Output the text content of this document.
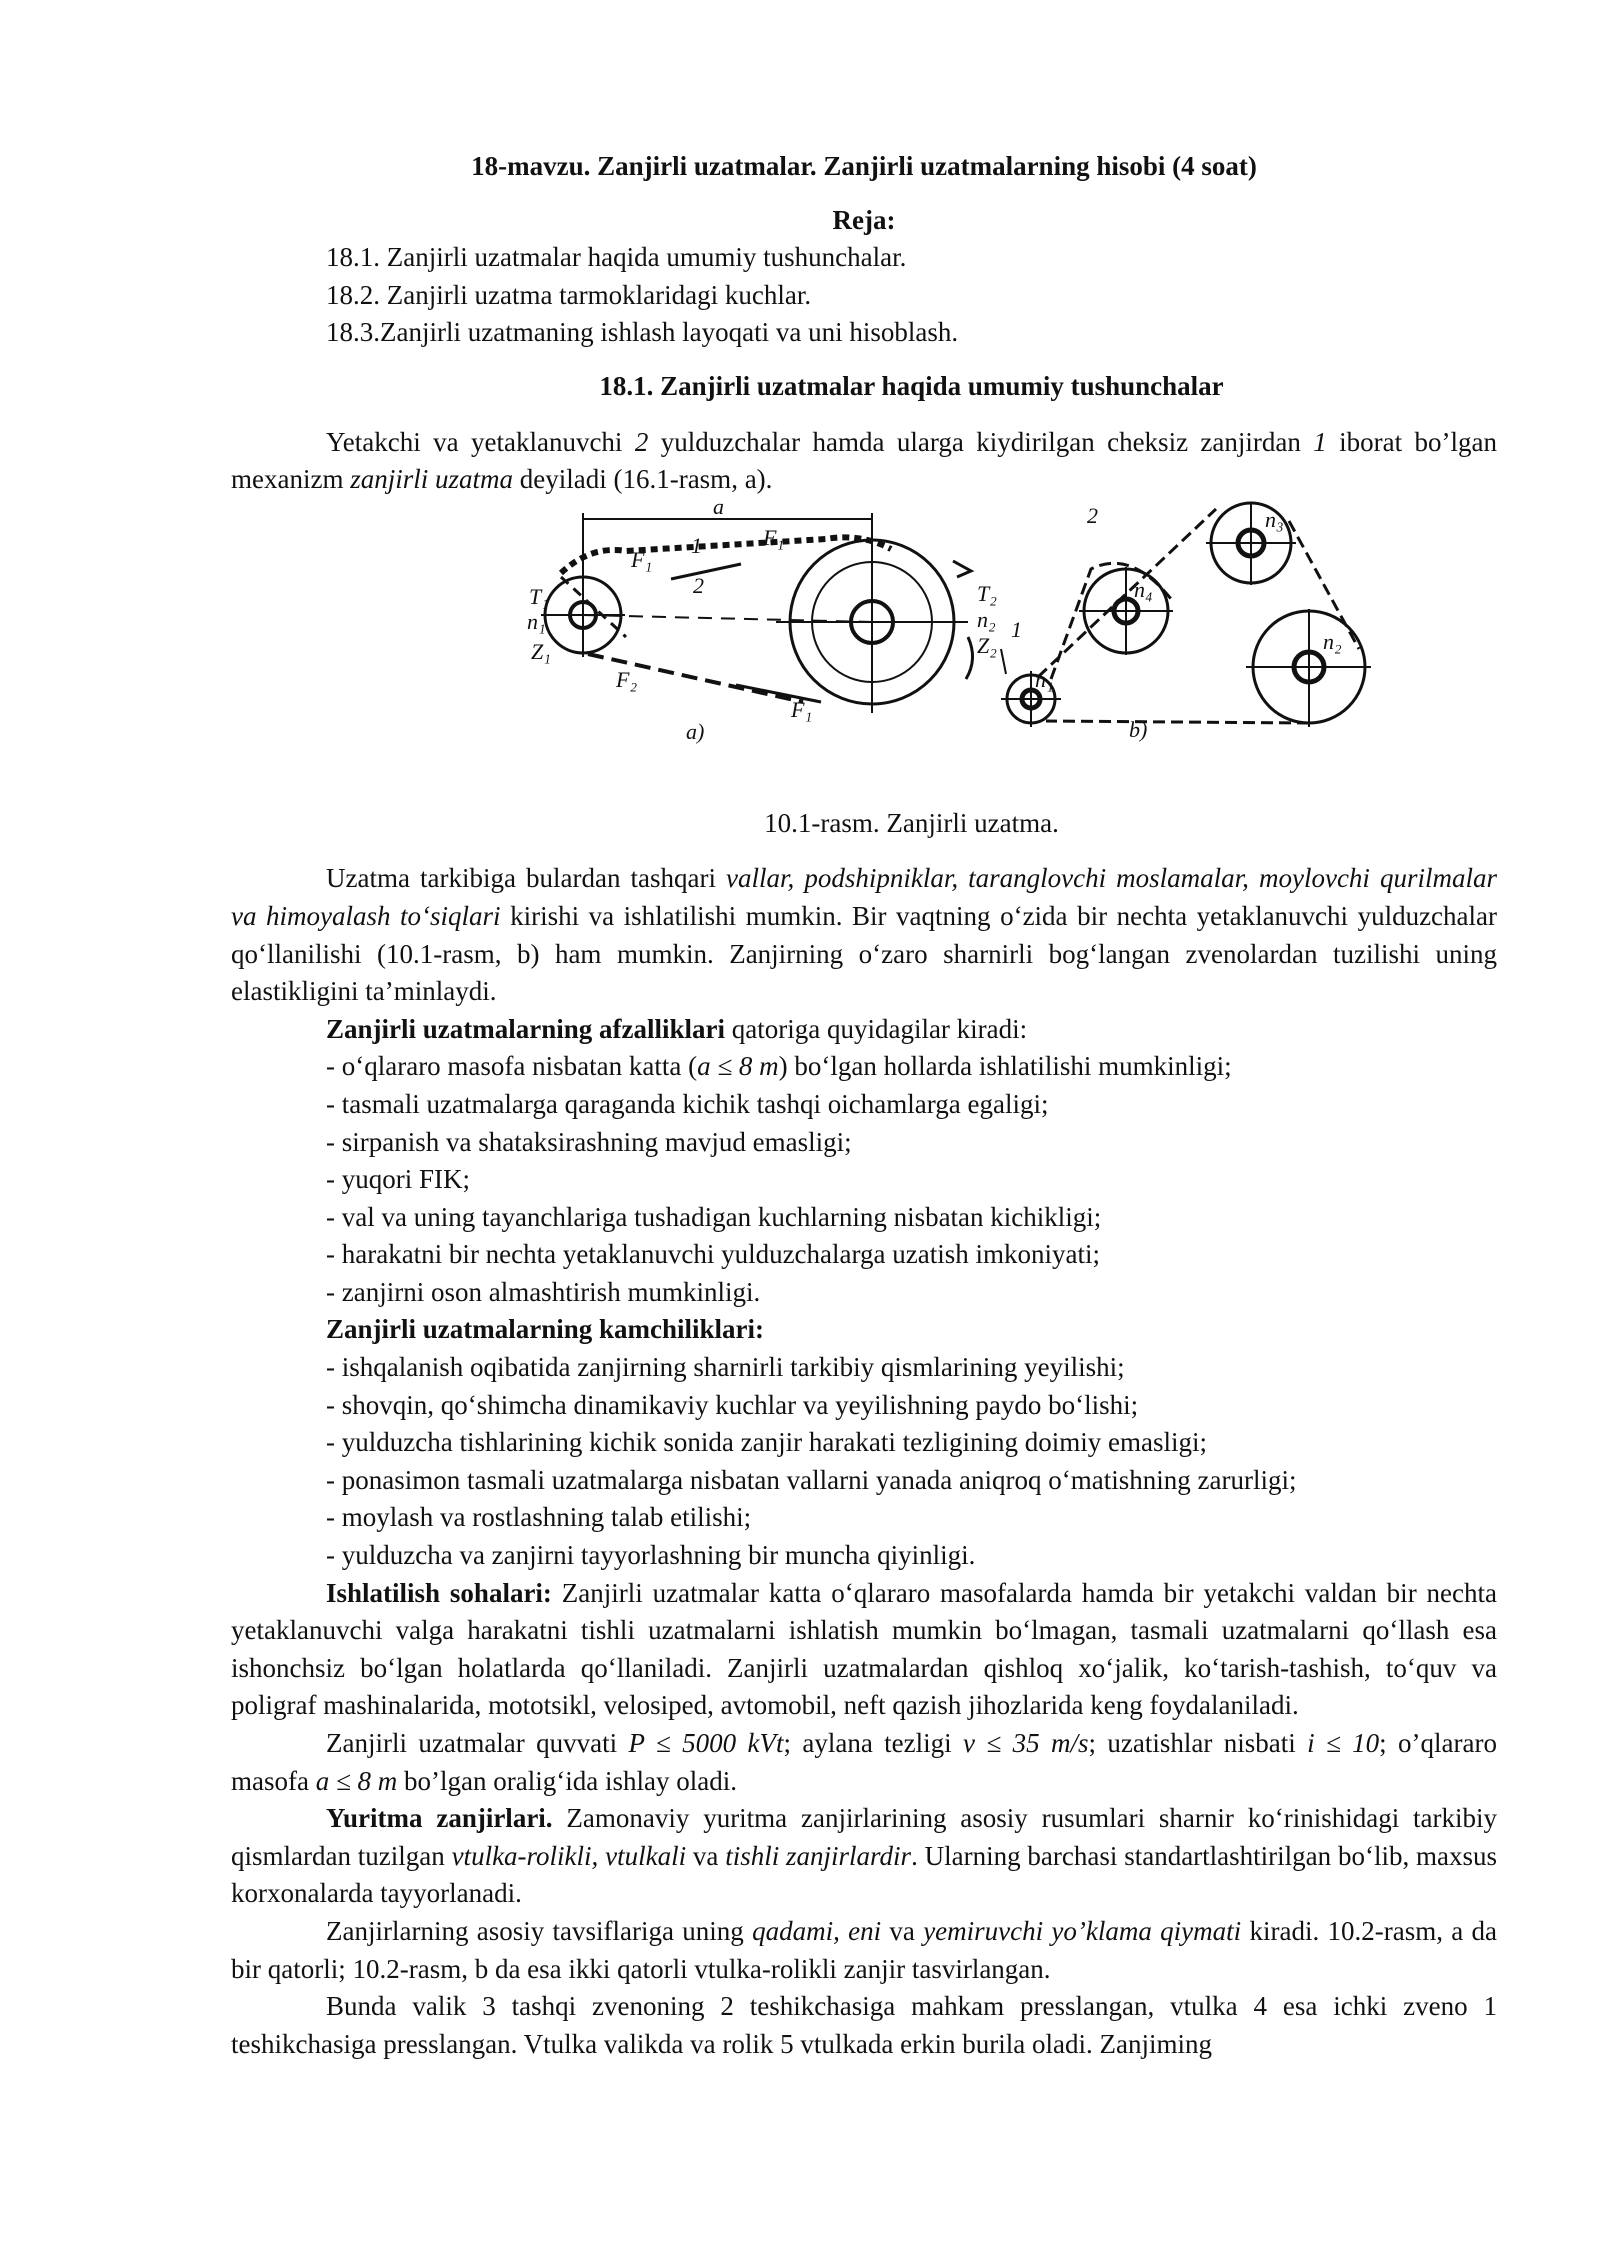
18-mavzu. Zanjirli uzatmalar. Zanjirli uzatmalarning hisobi (4 soat)

Reja:

18.1. Zanjirli uzatmalar haqida umumiy tushunchalar.
18.2. Zanjirli uzatma tarmoklaridagi kuchlar.
18.3.Zanjirli uzatmaning ishlash layoqati va uni hisoblash.

18.1. Zanjirli uzatmalar haqida umumiy tushunchalar

Yetakchi va yetaklanuvchi 2 yulduzchalar hamda ularga kiydirilgan cheksiz zanjirdan 1 iborat bo’lgan mexanizm zanjirli uzatma deyiladi (16.1-rasm, a).

a
F₁
1	F₁
2
T₁
n₁
Z₁
F₂
T₂
n₂
Z₂
F₁
a)
2	n₃
n₄
1
n₁
n₂
b)

10.1-rasm. Zanjirli uzatma.

Uzatma tarkibiga bulardan tashqari vallar, podshipniklar, taranglovchi moslamalar, moylovchi qurilmalar va himoyalash to‘siqlari kirishi va ishlatilishi mumkin. Bir vaqtning o‘zida bir nechta yetaklanuvchi yulduzchalar qo‘llanilishi (10.1-rasm, b) ham mumkin. Zanjirning o‘zaro sharnirli bog‘langan zvenolardan tuzilishi uning elastikligini ta’minlaydi.

Zanjirli uzatmalarning afzalliklari qatoriga quyidagilar kiradi:

- o‘qlararo masofa nisbatan katta (a ≤ 8 m) bo‘lgan hollarda ishlatilishi mumkinligi;

- tasmali uzatmalarga qaraganda kichik tashqi oichamlarga egaligi;

- sirpanish va shataksirashning mavjud emasligi;

- yuqori FIK;

- val va uning tayanchlariga tushadigan kuchlarning nisbatan kichikligi;

- harakatni bir nechta yetaklanuvchi yulduzchalarga uzatish imkoniyati;

- zanjirni oson almashtirish mumkinligi.

Zanjirli uzatmalarning kamchiliklari:

- ishqalanish oqibatida zanjirning sharnirli tarkibiy qismlarining yeyilishi;

- shovqin, qo‘shimcha dinamikaviy kuchlar va yeyilishning paydo bo‘lishi;

- yulduzcha tishlarining kichik sonida zanjir harakati tezligining doimiy emasligi;

- ponasimon tasmali uzatmalarga nisbatan vallarni yanada aniqroq o‘matishning zarurligi;

- moylash va rostlashning talab etilishi;

- yulduzcha va zanjirni tayyorlashning bir muncha qiyinligi.

Ishlatilish sohalari: Zanjirli uzatmalar katta o‘qlararo masofalarda hamda bir yetakchi valdan bir nechta yetaklanuvchi valga harakatni tishli uzatmalarni ishlatish mumkin bo‘lmagan, tasmali uzatmalarni qo‘llash esa ishonchsiz bo‘lgan holatlarda qo‘llaniladi. Zanjirli uzatmalardan qishloq xo‘jalik, ko‘tarish-tashish, to‘quv va poligraf mashinalarida, mototsikl, velosiped, avtomobil, neft qazish jihozlarida keng foydalaniladi.

Zanjirli uzatmalar quvvati P ≤ 5000 kVt; aylana tezligi v ≤ 35 m/s; uzatishlar nisbati i ≤ 10; o’qlararo masofa a ≤ 8 m bo’lgan oralig‘ida ishlay oladi.

Yuritma zanjirlari. Zamonaviy yuritma zanjirlarining asosiy rusumlari sharnir ko‘rinishidagi tarkibiy qismlardan tuzilgan vtulka-rolikli, vtulkali va tishli zanjirlardir. Ularning barchasi standartlashtirilgan bo‘lib, maxsus korxonalarda tayyorlanadi.

Zanjirlarning asosiy tavsiflariga uning qadami, eni va yemiruvchi yo’klama qiymati kiradi. 10.2-rasm, a da bir qatorli; 10.2-rasm, b da esa ikki qatorli vtulka-rolikli zanjir tasvirlangan.

Bunda valik 3 tashqi zvenoning 2 teshikchasiga mahkam presslangan, vtulka 4 esa ichki zveno 1 teshikchasiga presslangan. Vtulka valikda va rolik 5 vtulkada erkin burila oladi. Zanjiming
